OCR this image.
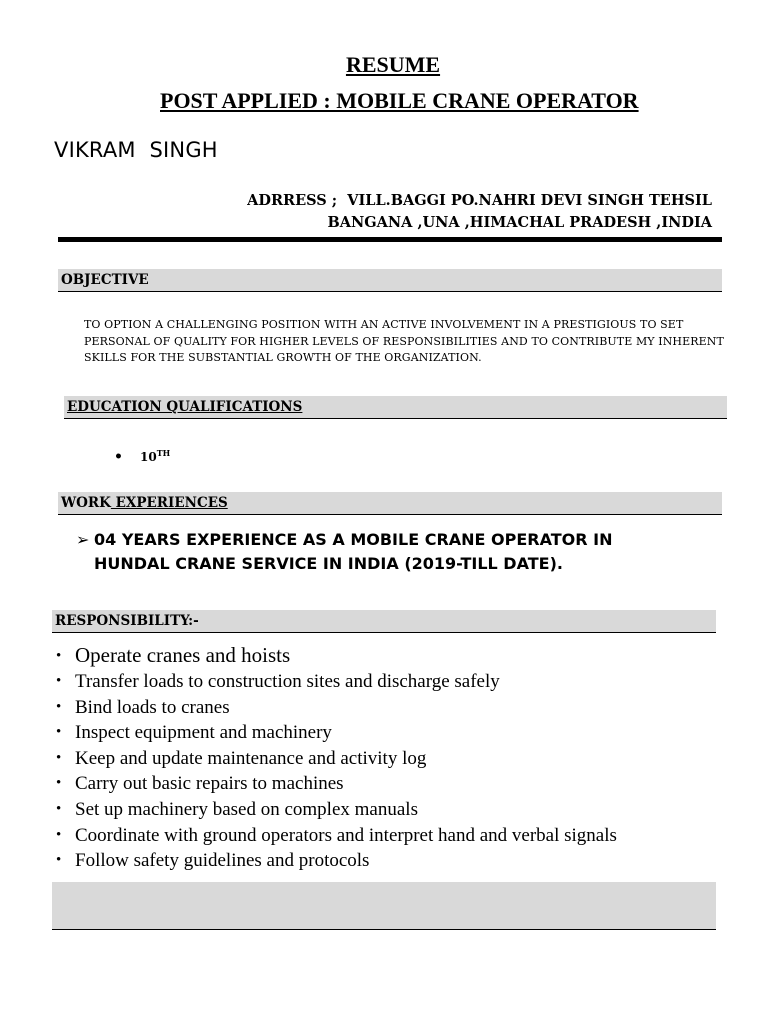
RESUME
POST APPLIED : MOBILE CRANE OPERATOR
VIKRAM  SINGH
ADRRESS ;  VILL.BAGGI PO.NAHRI DEVI SINGH TEHSIL
BANGANA ,UNA ,HIMACHAL PRADESH ,INDIA
OBJECTIVE
TO OPTION A CHALLENGING POSITION WITH AN ACTIVE INVOLVEMENT IN A PRESTIGIOUS TO SET PERSONAL OF QUALITY FOR HIGHER LEVELS OF RESPONSIBILITIES AND TO CONTRIBUTE MY INHERENT SKILLS FOR THE SUBSTANTIAL GROWTH OF THE ORGANIZATION.
EDUCATION QUALIFICATIONS
• 10TH
WORK EXPERIENCES
➢ 04 YEARS EXPERIENCE AS A MOBILE CRANE OPERATOR IN
HUNDAL CRANE SERVICE IN INDIA (2019-TILL DATE).
RESPONSIBILITY:-
• Operate cranes and hoists
• Transfer loads to construction sites and discharge safely
• Bind loads to cranes
• Inspect equipment and machinery
• Keep and update maintenance and activity log
• Carry out basic repairs to machines
• Set up machinery based on complex manuals
• Coordinate with ground operators and interpret hand and verbal signals
• Follow safety guidelines and protocols
